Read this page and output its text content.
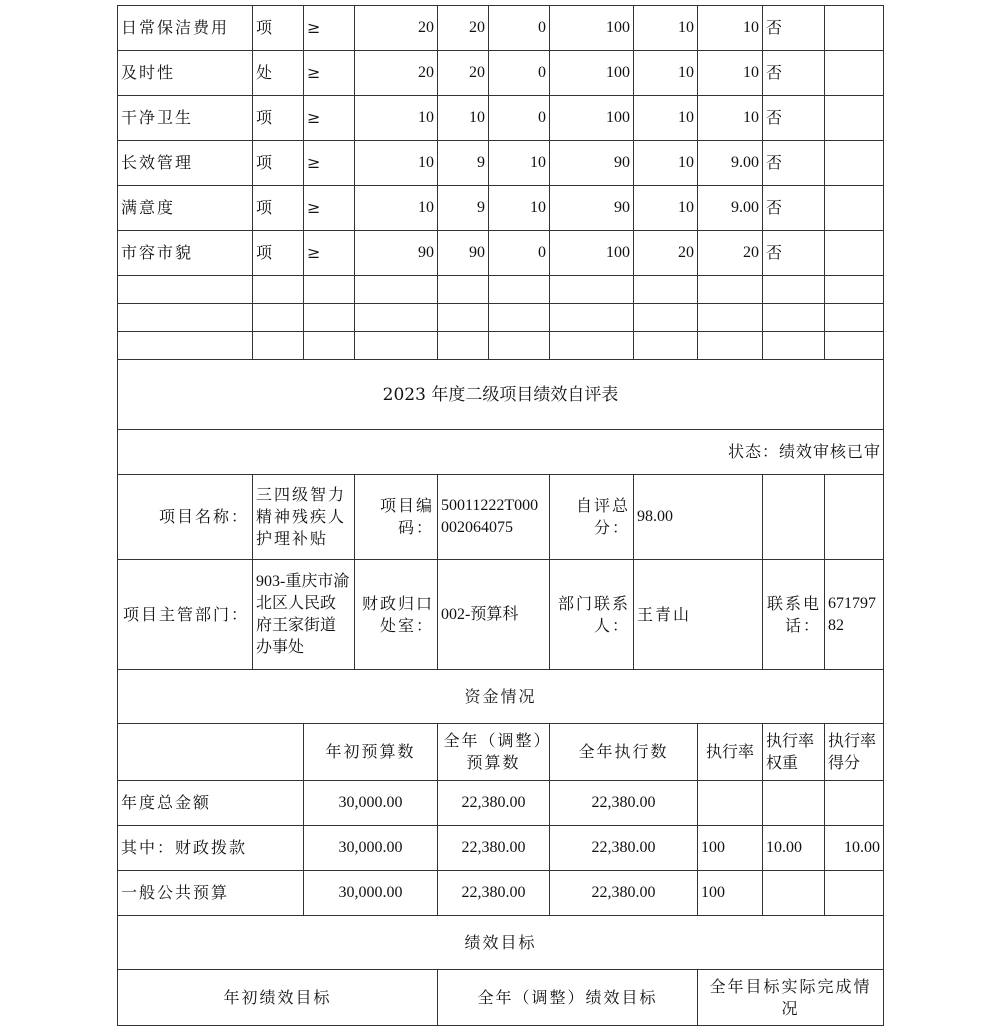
日常保洁费用	项	≥	20	20	0	100	10	10	否	
及时性	处	≥	20	20	0	100	10	10	否	
干净卫生	项	≥	10	10	0	100	10	10	否	
长效管理	项	≥	10	9	10	90	10	9.00	否	
满意度	项	≥	10	9	10	90	10	9.00	否	
市容市貌	项	≥	90	90	0	100	20	20	否	

2023 年度二级项目绩效自评表										
状态：绩效审核已审										
项目名称：	三四级智力精神残疾人护理补贴		项目编码：	50011222T000002064075		自评总分：	98.00			
项目主管部门：	903-重庆市渝北区人民政府王家街道办事处		财政归口处室：	002-预算科		部门联系人：	王青山		联系电话：	67179782
资金情况										
		年初预算数		全年（调整）预算数		全年执行数		执行率	执行率权重	执行率得分
年度总金额		30,000.00		22,380.00		22,380.00				
其中：财政拨款		30,000.00		22,380.00		22,380.00		100	10.00	10.00
一般公共预算		30,000.00		22,380.00		22,380.00		100		
绩效目标										
年初绩效目标				全年（调整）绩效目标				全年目标实际完成情况		
